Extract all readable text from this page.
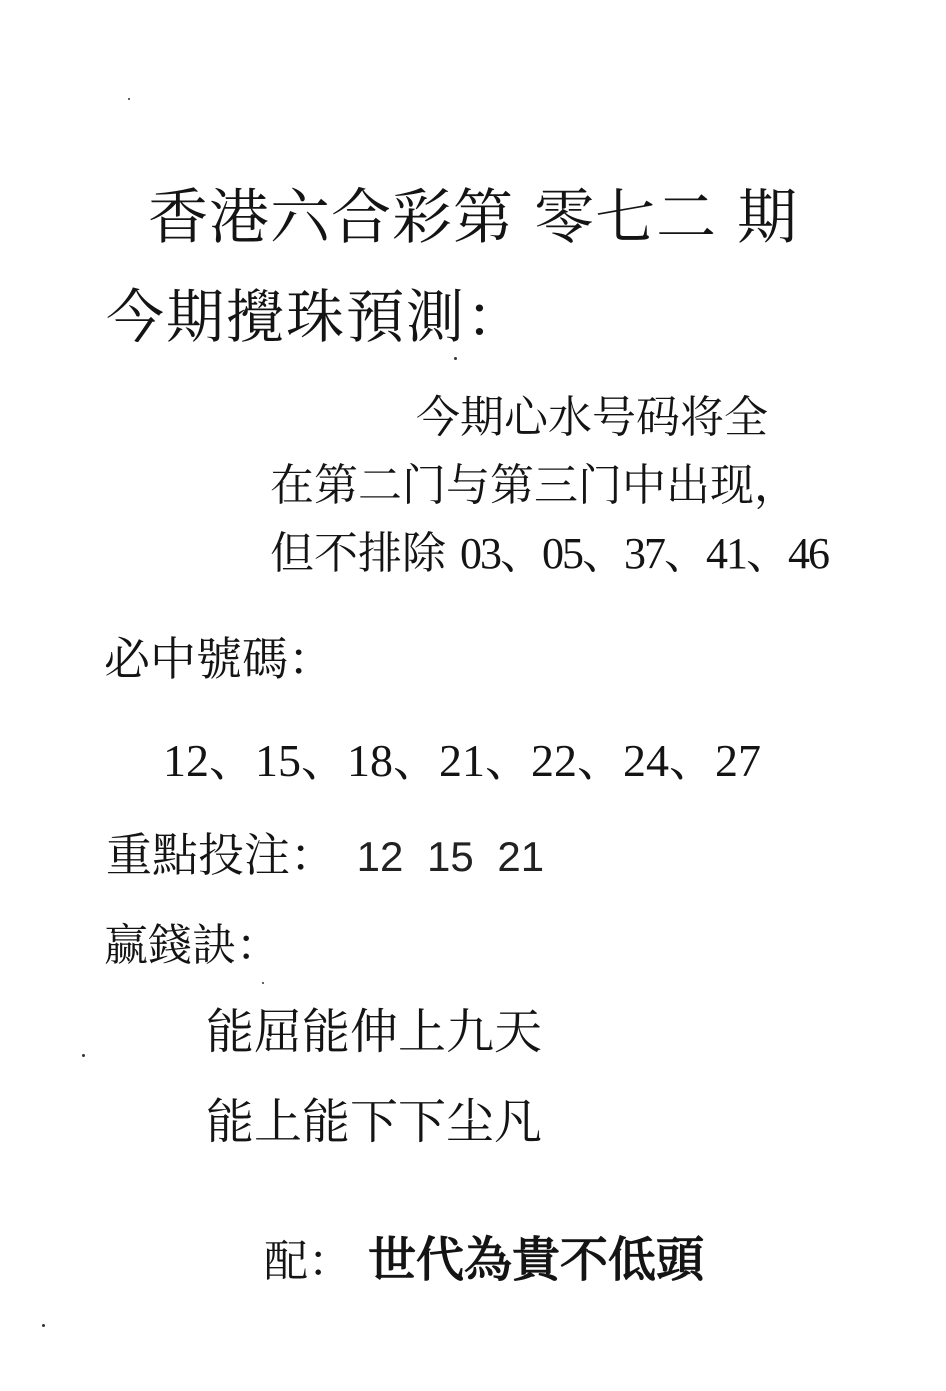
香港六合彩第 零七二 期
今期攪珠預測：
今期心水号码将全
在第二门与第三门中出现，
但不排除 03、05、37、41、46
必中號碼：
12、15、18、21、22、24、27
重點投注： 12 15 21
赢錢訣：
能屈能伸上九天
能上能下下尘凡
配： 世代為貴不低頭
